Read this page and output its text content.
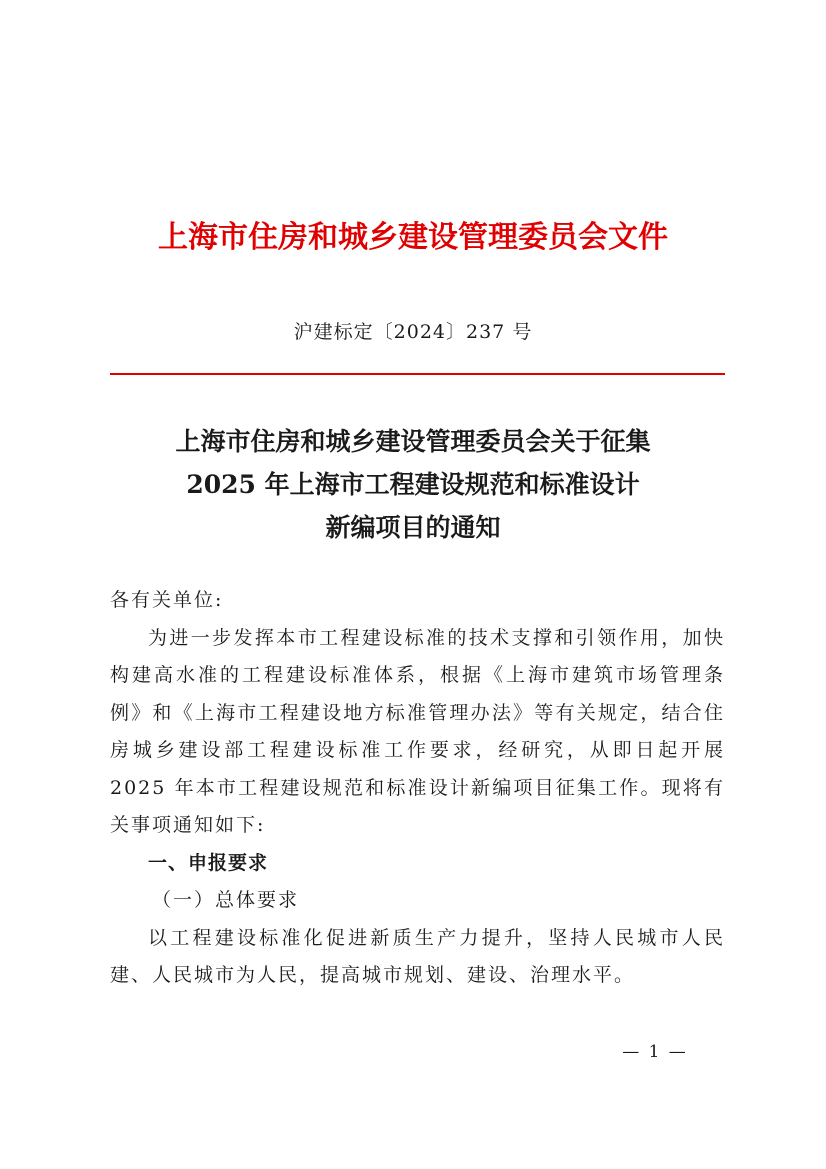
上海市住房和城乡建设管理委员会文件
沪建标定〔2024〕237 号
上海市住房和城乡建设管理委员会关于征集
2025 年上海市工程建设规范和标准设计
新编项目的通知

各有关单位:

为进一步发挥本市工程建设标准的技术支撑和引领作用，加快构建高水准的工程建设标准体系，根据《上海市建筑市场管理条例》和《上海市工程建设地方标准管理办法》等有关规定，结合住房城乡建设部工程建设标准工作要求，经研究，从即日起开展 2025 年本市工程建设规范和标准设计新编项目征集工作。现将有关事项通知如下:

一、申报要求

（一）总体要求

以工程建设标准化促进新质生产力提升，坚持人民城市人民建、人民城市为人民，提高城市规划、建设、治理水平。

— 1 —
